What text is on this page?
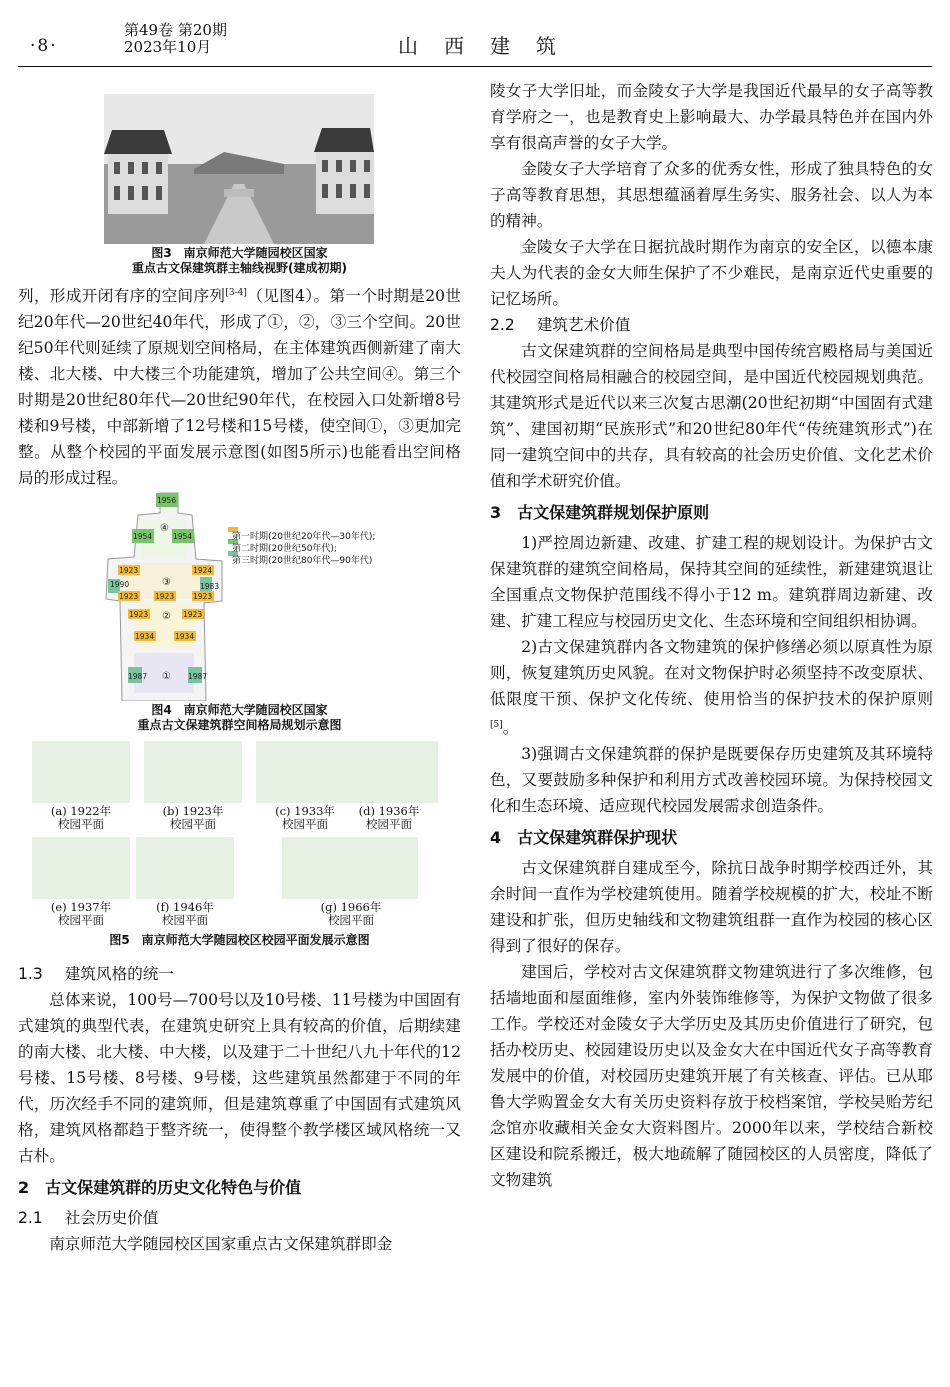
·8·
第49卷 第20期
2023年10月	山西建筑
图3　南京师范大学随园校区国家
重点古文保建筑群主轴线视野(建成初期)

列，形成开闭有序的空间序列[3-4]（见图4）。第一个时期是20世纪20年代—20世纪40年代，形成了①，②，③三个空间。20世纪50年代则延续了原规划空间格局，在主体建筑西侧新建了南大楼、北大楼、中大楼三个功能建筑，增加了公共空间④。第三个时期是20世纪80年代—20世纪90年代，在校园入口处新增8号楼和9号楼，中部新增了12号楼和15号楼，使空间①，③更加完整。从整个校园的平面发展示意图(如图5所示)也能看出空间格局的形成过程。

1956
1954
④
1954
1923	1924
1990	③	1983
1923 1923	1923
1923 ② 1923
1934	1934
1987 ① 1987
第一时期(20世纪20年代—30年代);
第二时期(20世纪50年代);
第三时期(20世纪80年代—90年代)
图4　南京师范大学随园校区国家
重点古文保建筑群空间格局规划示意图
(a) 1922年
校园平面
(b) 1923年
校园平面
(c) 1933年
校园平面
(d) 1936年
校园平面
(e) 1937年
校园平面
(f) 1946年
校园平面
(g) 1966年
校园平面
图5　南京师范大学随园校区校园平面发展示意图

1.3 建筑风格的统一

总体来说，100号—700号以及10号楼、11号楼为中国固有式建筑的典型代表，在建筑史研究上具有较高的价值，后期续建的南大楼、北大楼、中大楼，以及建于二十世纪八九十年代的12号楼、15号楼、8号楼、9号楼，这些建筑虽然都建于不同的年代，历次经手不同的建筑师，但是建筑尊重了中国固有式建筑风格，建筑风格都趋于整齐统一，使得整个教学楼区域风格统一又古朴。

2　古文保建筑群的历史文化特色与价值

2.1 社会历史价值

南京师范大学随园校区国家重点古文保建筑群即金

陵女子大学旧址，而金陵女子大学是我国近代最早的女子高等教育学府之一，也是教育史上影响最大、办学最具特色并在国内外享有很高声誉的女子大学。

金陵女子大学培育了众多的优秀女性，形成了独具特色的女子高等教育思想，其思想蕴涵着厚生务实、服务社会、以人为本的精神。

金陵女子大学在日据抗战时期作为南京的安全区，以德本康夫人为代表的金女大师生保护了不少难民，是南京近代史重要的记忆场所。

2.2 建筑艺术价值

古文保建筑群的空间格局是典型中国传统宫殿格局与美国近代校园空间格局相融合的校园空间，是中国近代校园规划典范。其建筑形式是近代以来三次复古思潮(20世纪初期“中国固有式建筑”、建国初期“民族形式”和20世纪80年代“传统建筑形式”)在同一建筑空间中的共存，具有较高的社会历史价值、文化艺术价值和学术研究价值。

3　古文保建筑群规划保护原则

1)严控周边新建、改建、扩建工程的规划设计。为保护古文保建筑群的建筑空间格局，保持其空间的延续性，新建建筑退让全国重点文物保护范围线不得小于12 m。建筑群周边新建、改建、扩建工程应与校园历史文化、生态环境和空间组织相协调。

2)古文保建筑群内各文物建筑的保护修缮必须以原真性为原则，恢复建筑历史风貌。在对文物保护时必须坚持不改变原状、低限度干预、保护文化传统、使用恰当的保护技术的保护原则[5]。

3)强调古文保建筑群的保护是既要保存历史建筑及其环境特色，又要鼓励多种保护和利用方式改善校园环境。为保持校园文化和生态环境、适应现代校园发展需求创造条件。

4　古文保建筑群保护现状

古文保建筑群自建成至今，除抗日战争时期学校西迁外，其余时间一直作为学校建筑使用。随着学校规模的扩大，校址不断建设和扩张，但历史轴线和文物建筑组群一直作为校园的核心区得到了很好的保存。

建国后，学校对古文保建筑群文物建筑进行了多次维修，包括墙地面和屋面维修，室内外装饰维修等，为保护文物做了很多工作。学校还对金陵女子大学历史及其历史价值进行了研究，包括办校历史、校园建设历史以及金女大在中国近代女子高等教育发展中的价值，对校园历史建筑开展了有关核查、评估。已从耶鲁大学购置金女大有关历史资料存放于校档案馆，学校吴贻芳纪念馆亦收藏相关金女大资料图片。2000年以来，学校结合新校区建设和院系搬迁，极大地疏解了随园校区的人员密度，降低了文物建筑
